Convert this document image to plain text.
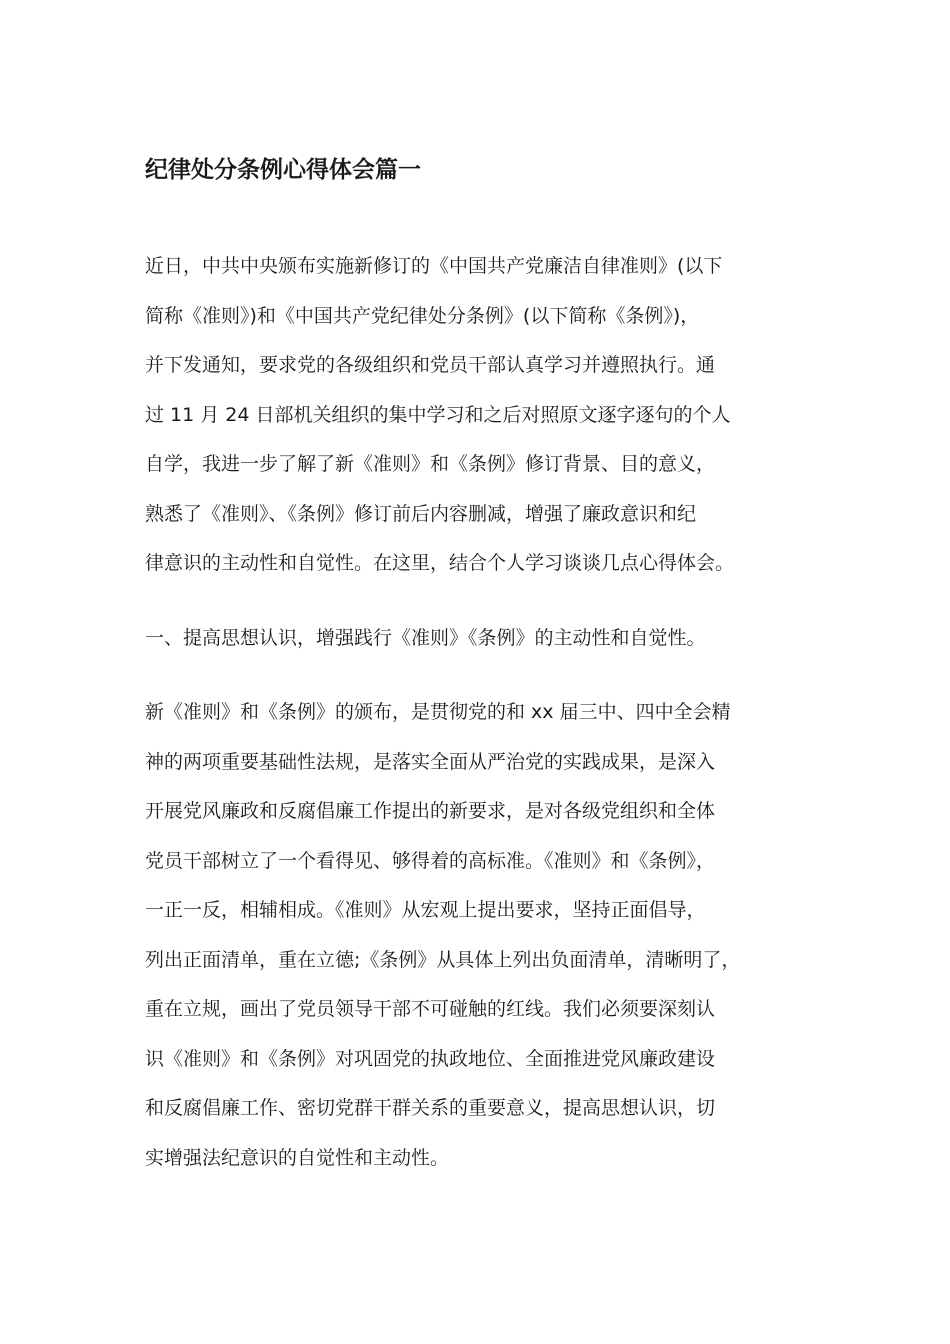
纪律处分条例心得体会篇一
近日，中共中央颁布实施新修订的《中国共产党廉洁自律准则》(以下
简称《准则》)和《中国共产党纪律处分条例》(以下简称《条例》)，
并下发通知，要求党的各级组织和党员干部认真学习并遵照执行。通
过 11 月 24 日部机关组织的集中学习和之后对照原文逐字逐句的个人
自学，我进一步了解了新《准则》和《条例》修订背景、目的意义，
熟悉了《准则》、《条例》修订前后内容删减，增强了廉政意识和纪
律意识的主动性和自觉性。在这里，结合个人学习谈谈几点心得体会。
一、提高思想认识，增强践行《准则》《条例》的主动性和自觉性。
新《准则》和《条例》的颁布，是贯彻党的和 xx 届三中、四中全会精
神的两项重要基础性法规，是落实全面从严治党的实践成果，是深入
开展党风廉政和反腐倡廉工作提出的新要求，是对各级党组织和全体
党员干部树立了一个看得见、够得着的高标准。《准则》和《条例》，
一正一反，相辅相成。《准则》从宏观上提出要求，坚持正面倡导，
列出正面清单，重在立德;《条例》从具体上列出负面清单，清晰明了，
重在立规，画出了党员领导干部不可碰触的红线。我们必须要深刻认
识《准则》和《条例》对巩固党的执政地位、全面推进党风廉政建设
和反腐倡廉工作、密切党群干群关系的重要意义，提高思想认识，切
实增强法纪意识的自觉性和主动性。
